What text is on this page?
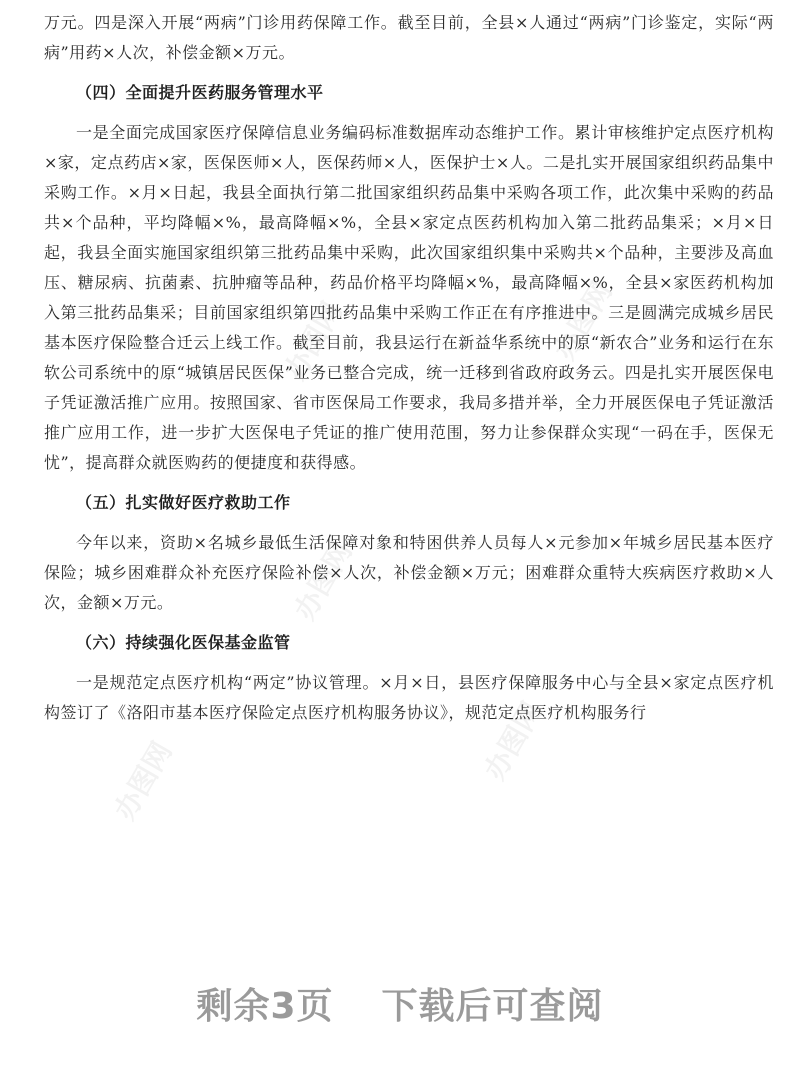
办图网	办图网
办图网
办图网
办图网

万元。四是深入开展“两病”门诊用药保障工作。截至目前，全县×人通过“两病”门诊鉴定，实际“两病”用药×人次，补偿金额×万元。

（四）全面提升医药服务管理水平

一是全面完成国家医疗保障信息业务编码标准数据库动态维护工作。累计审核维护定点医疗机构×家，定点药店×家，医保医师×人，医保药师×人，医保护士×人。二是扎实开展国家组织药品集中采购工作。×月×日起，我县全面执行第二批国家组织药品集中采购各项工作，此次集中采购的药品共×个品种，平均降幅×%，最高降幅×%，全县×家定点医药机构加入第二批药品集采；×月×日起，我县全面实施国家组织第三批药品集中采购，此次国家组织集中采购共×个品种，主要涉及高血压、糖尿病、抗菌素、抗肿瘤等品种，药品价格平均降幅×%，最高降幅×%，全县×家医药机构加入第三批药品集采；目前国家组织第四批药品集中采购工作正在有序推进中。三是圆满完成城乡居民基本医疗保险整合迁云上线工作。截至目前，我县运行在新益华系统中的原“新农合”业务和运行在东软公司系统中的原“城镇居民医保”业务已整合完成，统一迁移到省政府政务云。四是扎实开展医保电子凭证激活推广应用。按照国家、省市医保局工作要求，我局多措并举，全力开展医保电子凭证激活推广应用工作，进一步扩大医保电子凭证的推广使用范围，努力让参保群众实现“一码在手，医保无忧”，提高群众就医购药的便捷度和获得感。

（五）扎实做好医疗救助工作

今年以来，资助×名城乡最低生活保障对象和特困供养人员每人×元参加×年城乡居民基本医疗保险；城乡困难群众补充医疗保险补偿×人次，补偿金额×万元；困难群众重特大疾病医疗救助×人次，金额×万元。

（六）持续强化医保基金监管

一是规范定点医疗机构“两定”协议管理。×月×日，县医疗保障服务中心与全县×家定点医疗机构签订了《洛阳市基本医疗保险定点医疗机构服务协议》，规范定点医疗机构服务行

剩余3页 下载后可查阅
